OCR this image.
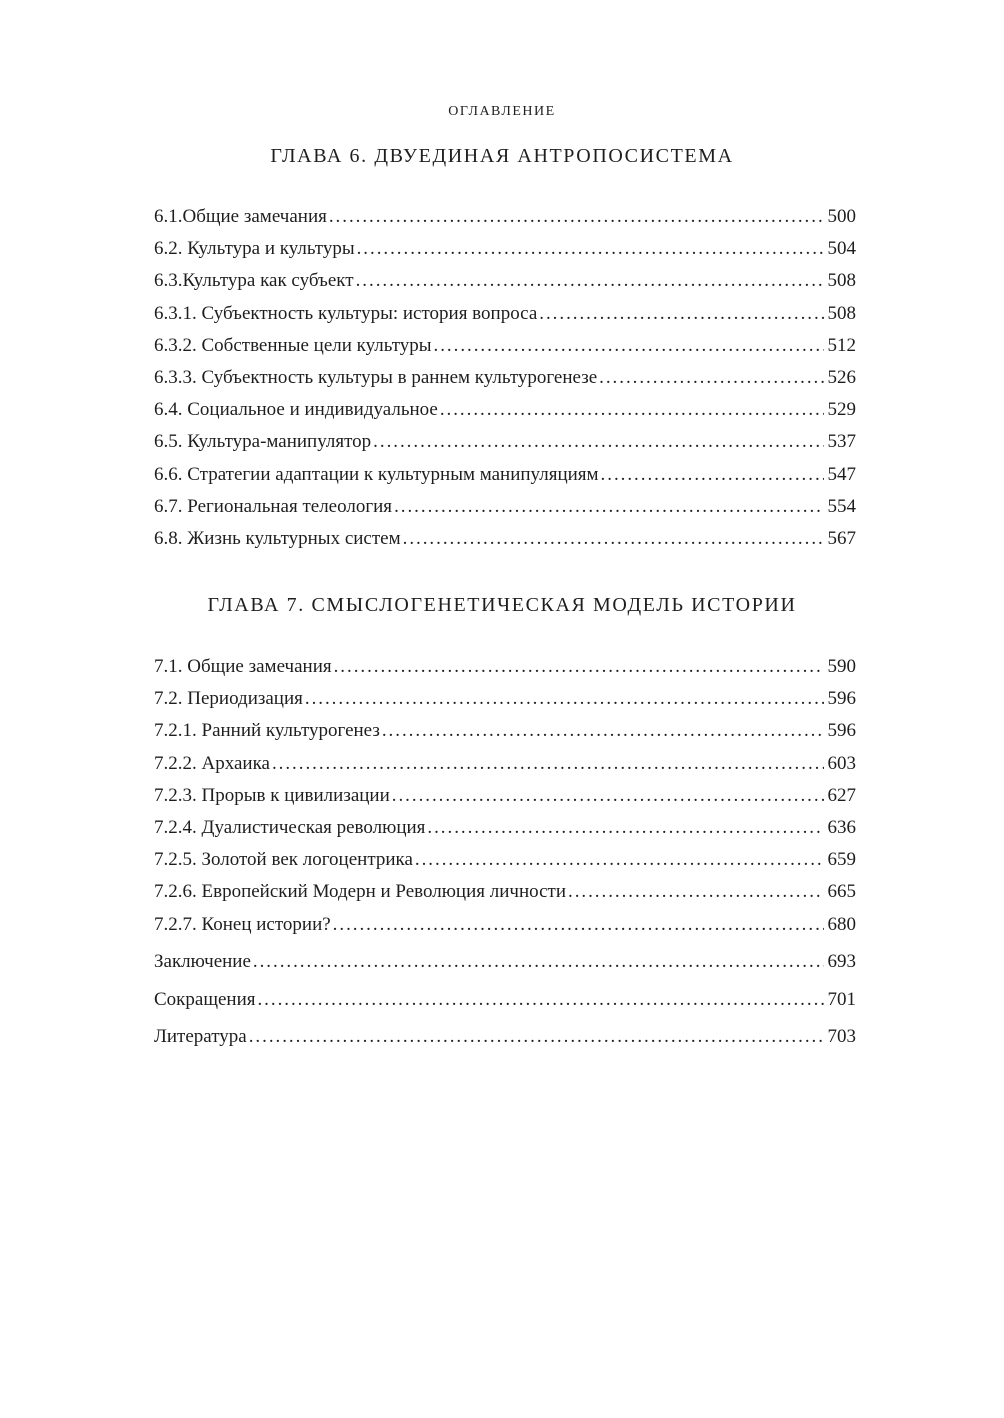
ОГЛАВЛЕНИЕ
ГЛАВА 6. ДВУЕДИНАЯ АНТРОПОСИСТЕМА
6.1.Общие замечания . . .	500
6.2. Культура и культуры . . .	504
6.3.Культура как субъект . . .	508
6.3.1. Субъектность культуры: история вопроса . . .	508
6.3.2. Собственные цели культуры . . .	512
6.3.3. Субъектность культуры в раннем культурогенезе . . .	526
6.4. Социальное и индивидуальное . . .	529
6.5. Культура-манипулятор . . .	537
6.6. Стратегии адаптации к культурным манипуляциям . . .	547
6.7. Региональная телеология . . .	554
6.8. Жизнь культурных систем . . .	567
ГЛАВА 7. СМЫСЛОГЕНЕТИЧЕСКАЯ МОДЕЛЬ ИСТОРИИ
7.1. Общие замечания . . .	590
7.2. Периодизация . . .	596
7.2.1. Ранний культурогенез . . .	596
7.2.2. Архаика . . .	603
7.2.3. Прорыв к цивилизации . . .	627
7.2.4. Дуалистическая революция . . .	636
7.2.5. Золотой век логоцентрика . . .	659
7.2.6. Европейский Модерн и Революция личности . . .	665
7.2.7. Конец истории? . . .	680
Заключение . . .	693
Сокращения . . .	701
Литература . . .	703
